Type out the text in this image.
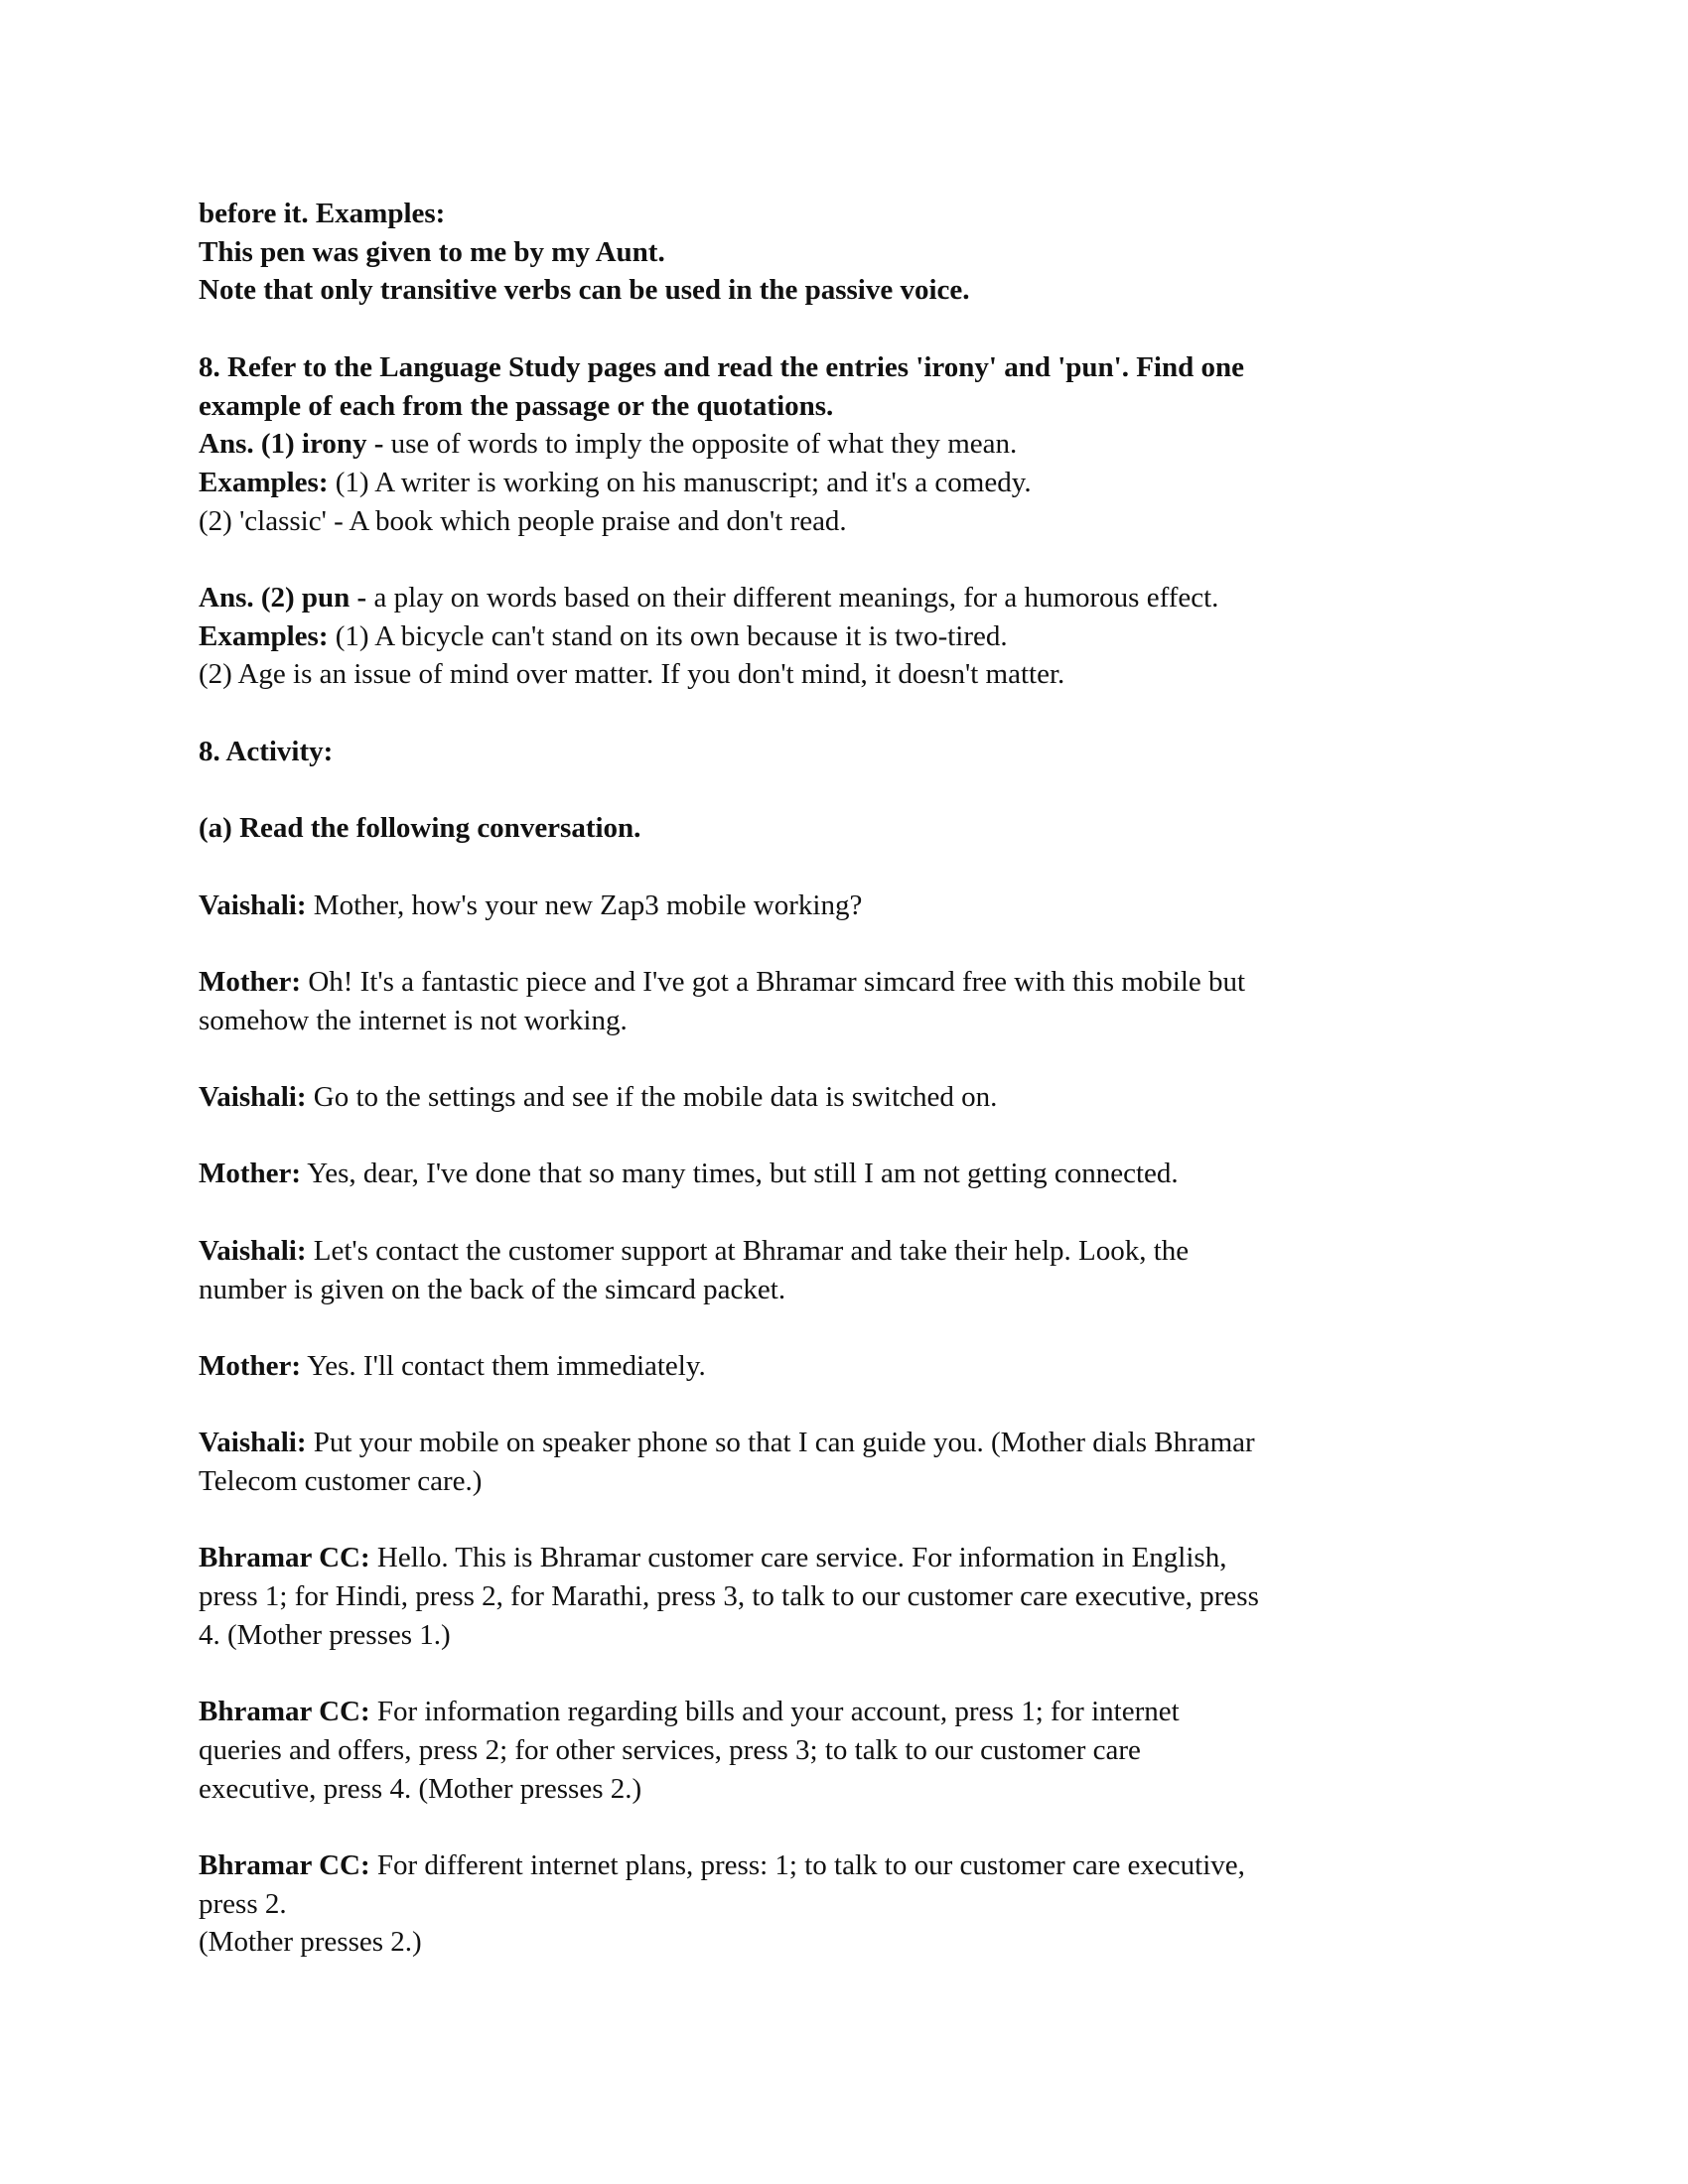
before it. Examples:
This pen was given to me by my Aunt.
Note that only transitive verbs can be used in the passive voice.
8. Refer to the Language Study pages and read the entries 'irony' and 'pun'. Find one
example of each from the passage or the quotations.
Ans. (1) irony - use of words to imply the opposite of what they mean.
Examples: (1) A writer is working on his manuscript; and it's a comedy.
(2) 'classic' - A book which people praise and don't read.
Ans. (2) pun - a play on words based on their different meanings, for a humorous effect.
Examples: (1) A bicycle can't stand on its own because it is two-tired.
(2) Age is an issue of mind over matter. If you don't mind, it doesn't matter.
8. Activity:
(a) Read the following conversation.
Vaishali: Mother, how's your new Zap3 mobile working?
Mother: Oh! It's a fantastic piece and I've got a Bhramar simcard free with this mobile but
somehow the internet is not working.
Vaishali: Go to the settings and see if the mobile data is switched on.
Mother: Yes, dear, I've done that so many times, but still I am not getting connected.
Vaishali: Let's contact the customer support at Bhramar and take their help. Look, the
number is given on the back of the simcard packet.
Mother: Yes. I'll contact them immediately.
Vaishali: Put your mobile on speaker phone so that I can guide you. (Mother dials Bhramar
Telecom customer care.)
Bhramar CC: Hello. This is Bhramar customer care service. For information in English,
press 1; for Hindi, press 2, for Marathi, press 3, to talk to our customer care executive, press
4. (Mother presses 1.)
Bhramar CC: For information regarding bills and your account, press 1; for internet
queries and offers, press 2; for other services, press 3; to talk to our customer care
executive, press 4. (Mother presses 2.)
Bhramar CC: For different internet plans, press: 1; to talk to our customer care executive,
press 2.
(Mother presses 2.)
